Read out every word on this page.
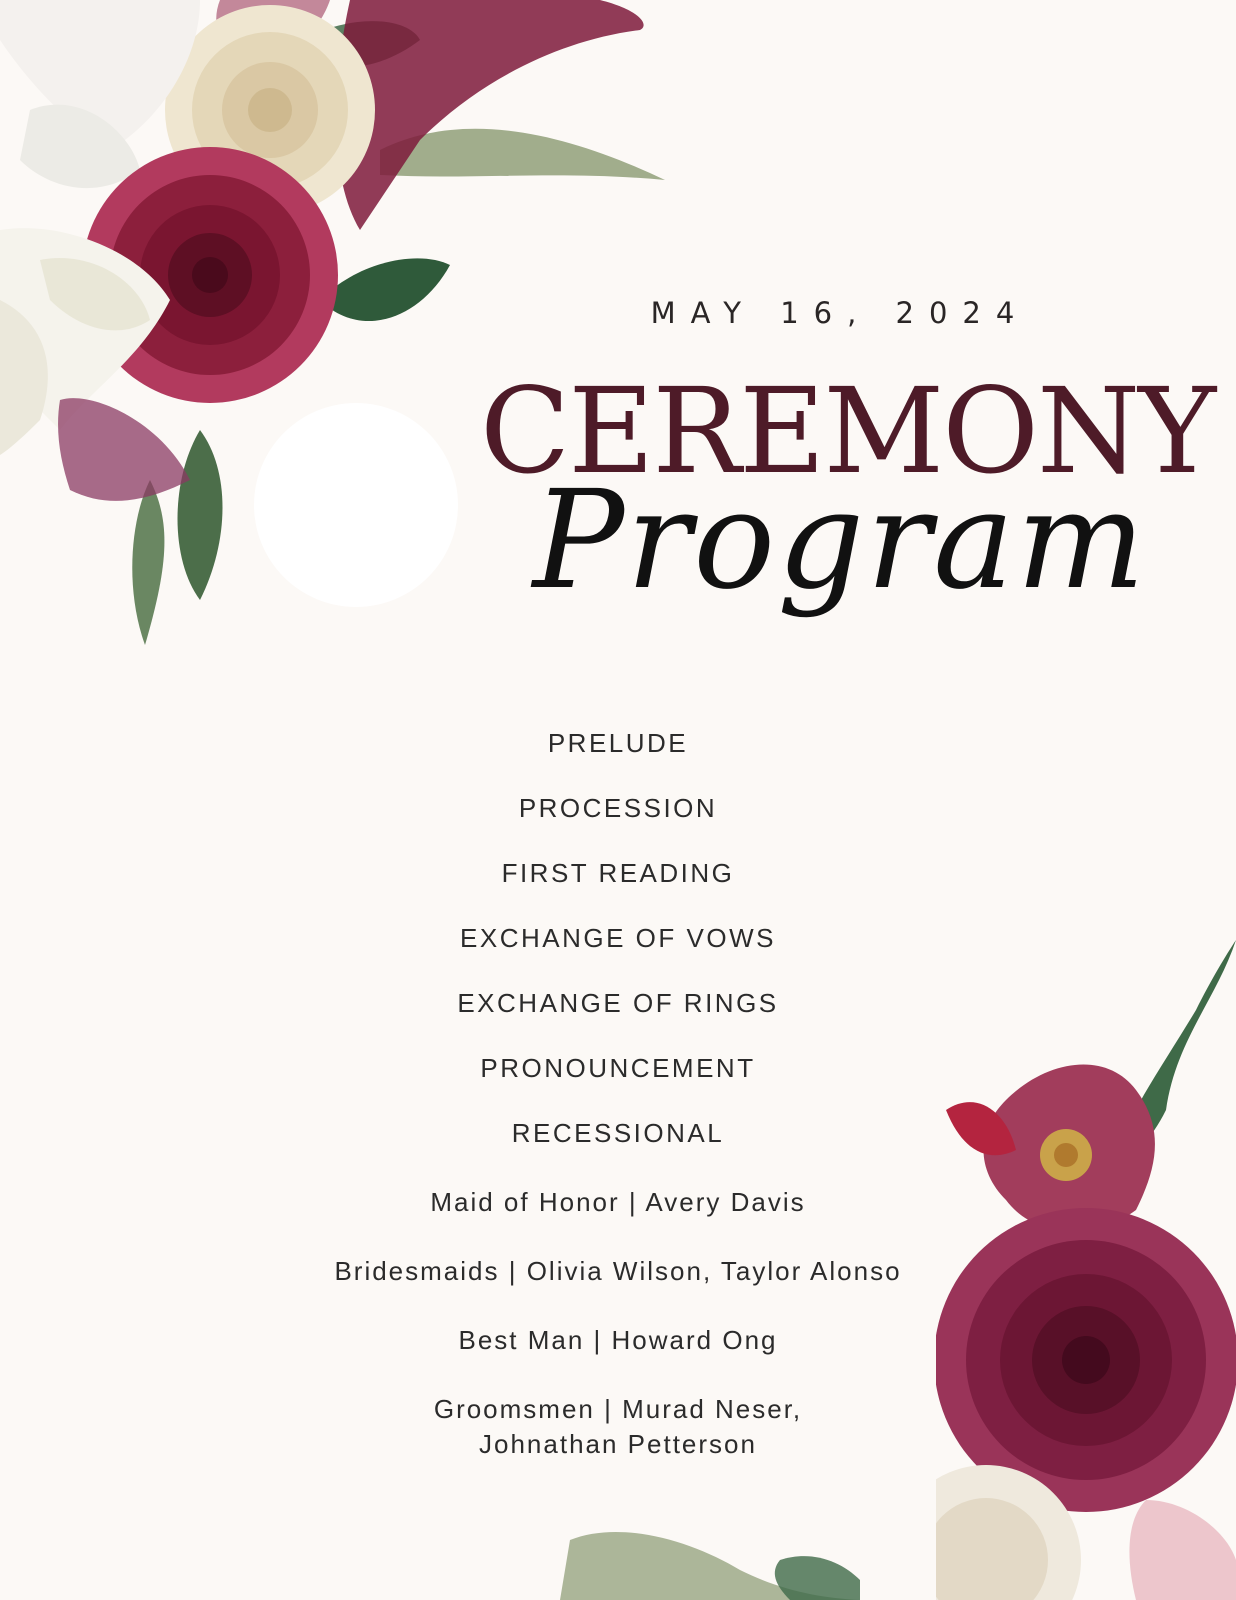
MAY 16, 2024
CEREMONY
Program
PRELUDE
PROCESSION
FIRST READING
EXCHANGE OF VOWS
EXCHANGE OF RINGS
PRONOUNCEMENT
RECESSIONAL
Maid of Honor | Avery Davis
Bridesmaids | Olivia Wilson, Taylor Alonso
Best Man | Howard Ong
Groomsmen | Murad Neser,
Johnathan Petterson
